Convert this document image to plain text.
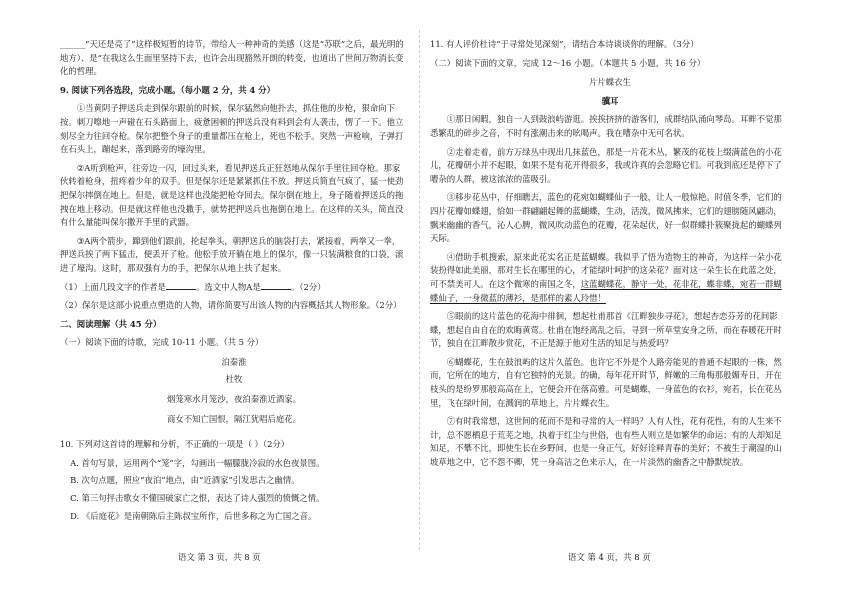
______“天还是亮了”这样极短暂的诗节，带给人一种神奇的美感（这是“苏联”之后，最光明的地方）、是“在我这么生面里坚持下去，也许会出现豁然开朗的转变，也道出了世间万物消长变化的哲理。

9. 阅读下列各选段，完成小题。（每小题 2 分，共 4 分）

①当黄阴子押送兵走到保尔跟前的时候，保尔猛然向他扑去，抓住他的步枪，狠命向下按。刺刀嚓地一声碰在石头路面上，疲惫困顿的押送兵没有料到会有人袭击，愣了一下。他立刻尽全力往回夺枪。保尔把整个身子的重量都压在枪上，死也不松手。突然一声枪响，子弹打在石头上，蹦起来，落到路旁的壕沟里。

②A听到枪声，往旁边一闪，回过头来，看见押送兵正狂怒地从保尔手里往回夺枪。那家伙转着枪身，扭疼着少年的双手。但是保尔还是紧紧抓住不放。押送兵简直气疯了，猛一使劲把保尔摔倒在地上。但是，就是这样也没能把枪夺回去。保尔倒在地上，身子随着押送兵的拖拽在地上移动。但是就这样他也没撒手，就势把押送兵也拖倒在地上。在这样的关头，简直没有什么量能叫保尔撒开手里的武器。

③A两个箭步，蹿到他们跟前，抡起拳头，朝押送兵的脑袋打去，紧接着，两拳又一拳，押送兵挨了两下猛击，便丢开了枪。他松手放开躺在地上的保尔，像一只装满粮食的口袋，滚进了壕沟。这时，那双强有力的手，把保尔从地上扶了起来。

（1）上面几段文字的作者是	。选文中人物A是	。（2分）

（2）保尔是这部小说重点塑造的人物，请你简要写出该人物的内容概括其人物形象。（2分）

二、阅读理解（共 45 分）

（一）阅读下面的诗歌，完成 10-11 小题。（共 5 分）

泊秦淮

杜牧

烟笼寒水月笼沙，夜泊秦淮近酒家。

商女不知亡国恨，隔江犹唱后庭花。

10. 下列对这首诗的理解和分析，不正确的一项是（ ）（2分）

A. 首句写景，运用两个“笼”字，勾画出一幅朦胧冷寂的水色夜景图。

B. 次句点题，照应“夜泊”地点，由“近酒家”引发思古之幽情。

C. 第三句抨击歌女不懂国破家亡之恨，表达了诗人强烈的愤慨之情。

D. 《后庭花》是南朝陈后主陈叔宝所作，后世多称之为亡国之音。

11. 有人评价杜诗“于寻常处见深刻”，请结合本诗谈谈你的理解。（3分）

（二）阅读下面的文章，完成 12～16 小题。（本题共 5 小题，共 16 分）

片片蝶衣生

骥耳

①那日闲暇，独自一人到鼓浪屿游逛。挨挨挤挤的游客们，成群结队涌向琴岛。耳畔不觉那悉繁乱的碎步之音，不时有涨潮击来的吆喝声。我在嘈杂中无可名状。

②走着走着，前方万绿丛中现出几抹蓝色，那是一片花木丛，繁茂的花枝上缀满蓝色的小花儿，花瓣研小并不起眼，如果不是有花开得很多，我或许真的会忽略它们。可我到底还是停下了嘈杂的人群，被这浓浓的蓝吸引。

③移步花丛中，仔细瞧去，蓝色的花宛如蝴蝶仙子一般，让人一般惊艳。时值冬季，它们的四片花瓣如蝶翅，恰如一群翩翩起舞的蓝蝴蝶，生动，活泼，微风拂来，它们的翅膀随风翩动，飘来幽幽的香气，沁人心脾，微风吹动蓝色的花瓣，花朵起伏，好一似群蝶扑簇聚拢起的蝴蝶列天际。

④借助手机搜索，原来此花实名正是蓝蝴蝶。我似乎了悟为造物主的神奇，为这样一朵小花装扮得如此美丽，那对生长在哪里的心，才能绿叶呵护的这朵花？面对这一朵生长在此蓝之处，可不禁美可人。在这个微寒的南国之冬，这蓝蝴蝶花，静守一处，花非花，蝶非蝶，宛若一群蝴蝶仙子，一身微蓝的薄衫，是那样的素人玲惜！

⑤眼前的这片蓝色的花海中徘徊，想起杜甫那首《江畔独步寻花》，想起杏恋芬芳的花间影蝶，想起自由自在的欢晦黄莺。杜甫在饱经离乱之后，寻到一所草堂安身之所，而在春暖花开时节，独自在江畔散步赏花，不正是源于他对生活的知足与热爱吗？

⑥蝴蝶花，生在鼓浪屿的这片久蓝色。也许它不外是个人路旁能见的普通不起眼的一株，然而，它所在的地方，自有它独特的光景。的确，每年花开时节，鲜嫩的三角梅那般媚寿日，开在枝头的是纷罗那般高高在上，它便会开在落高雅。可是蝴蝶，一身蓝色的衣衫，宛若，长在花丛里，飞在绿叶间，在溅润的草地上，片片蝶衣生。

⑦有时我常想，这世间的花而不是和寻常的人一样吗？人有人性，花有花性，有的人生来不计，总不愿栖息于荒芜之地，执着于红尘与世俗，也有些人则立是如繁华的命运；有的人却知足知足，不攀不比，即使生长在乡野间，也是一身正气，好好诠释青春的美好；不被生于潮湿的山坡草地之中，它不怨不卿，凭一身高洁之色来示人，在一片淡然的幽香之中静默绽放。

语文 第 3 页，共 8 页	语文 第 4 页，共 8 页
